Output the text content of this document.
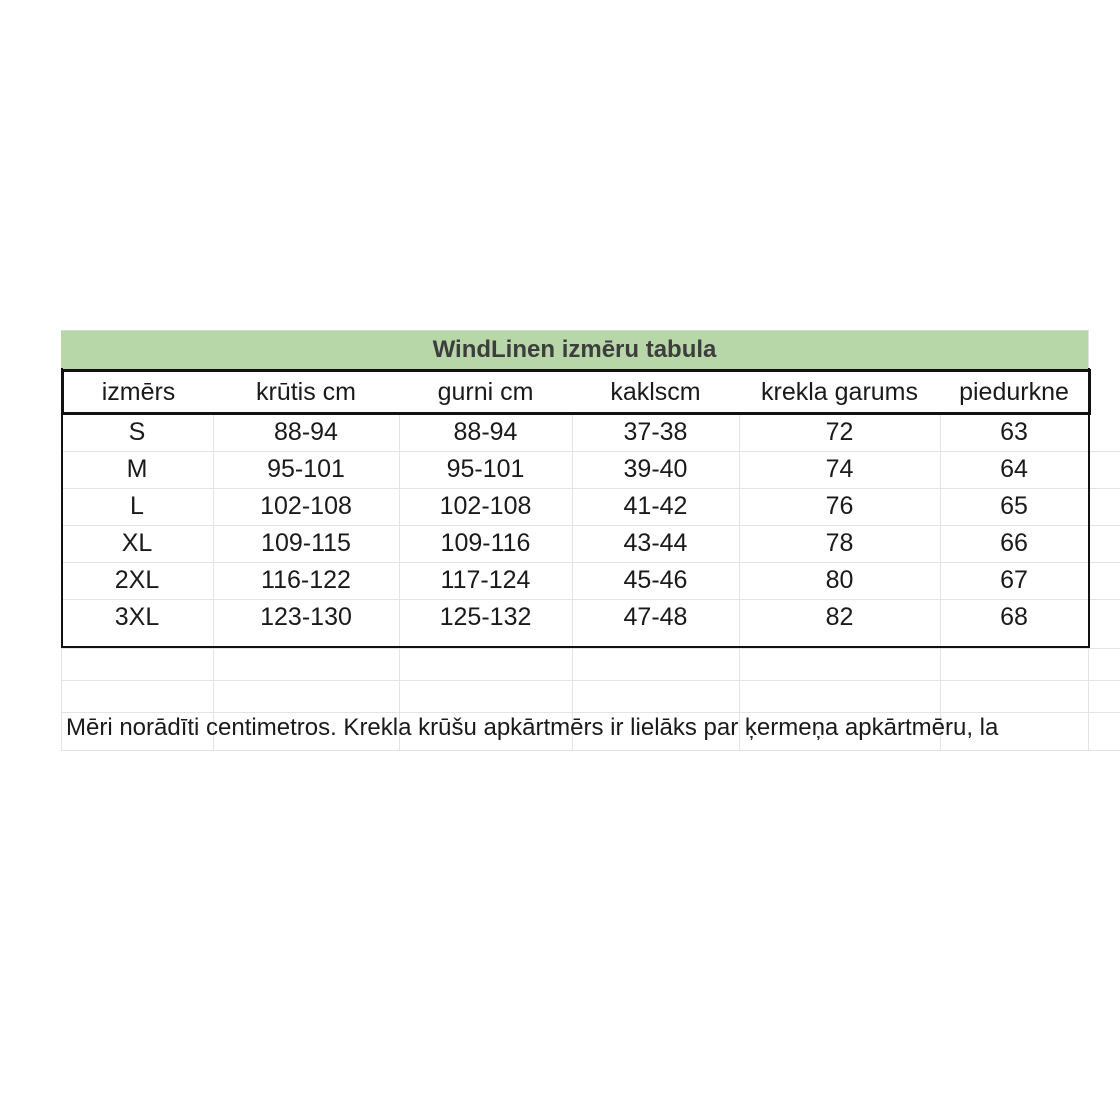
WindLinen izmēru tabula
izmērs	krūtis cm	gurni cm	kaklscm	krekla garums	piedurkne
S	88-94	88-94	37-38	72	63
M	95-101	95-101	39-40	74	64
L	102-108	102-108	41-42	76	65
XL	109-115	109-116	43-44	78	66
2XL	116-122	117-124	45-46	80	67
3XL	123-130	125-132	47-48	82	68
Mēri norādīti centimetros. Krekla krūšu apkārtmērs ir lielāks par ķermeņa apkārtmēru, la
